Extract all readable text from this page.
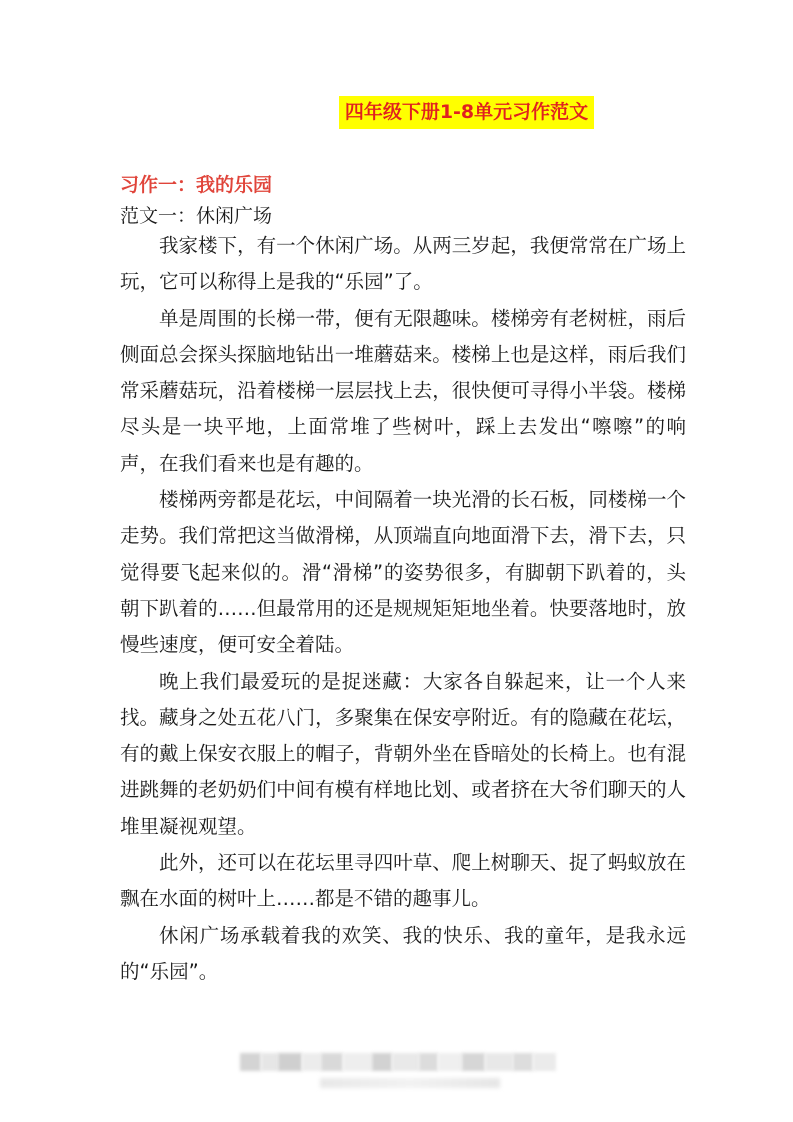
四年级下册1-8单元习作范文
习作一：我的乐园
范文一：休闲广场

我家楼下，有一个休闲广场。从两三岁起，我便常常在广场上玩，它可以称得上是我的“乐园”了。

单是周围的长梯一带，便有无限趣味。楼梯旁有老树桩，雨后侧面总会探头探脑地钻出一堆蘑菇来。楼梯上也是这样，雨后我们常采蘑菇玩，沿着楼梯一层层找上去，很快便可寻得小半袋。楼梯尽头是一块平地，上面常堆了些树叶，踩上去发出“嚓嚓”的响声，在我们看来也是有趣的。

楼梯两旁都是花坛，中间隔着一块光滑的长石板，同楼梯一个走势。我们常把这当做滑梯，从顶端直向地面滑下去，滑下去，只觉得要飞起来似的。滑“滑梯”的姿势很多，有脚朝下趴着的，头朝下趴着的……但最常用的还是规规矩矩地坐着。快要落地时，放慢些速度，便可安全着陆。

晚上我们最爱玩的是捉迷藏：大家各自躲起来，让一个人来找。藏身之处五花八门，多聚集在保安亭附近。有的隐藏在花坛，有的戴上保安衣服上的帽子，背朝外坐在昏暗处的长椅上。也有混进跳舞的老奶奶们中间有模有样地比划、或者挤在大爷们聊天的人堆里凝视观望。

此外，还可以在花坛里寻四叶草、爬上树聊天、捉了蚂蚁放在飘在水面的树叶上……都是不错的趣事儿。

休闲广场承载着我的欢笑、我的快乐、我的童年，是我永远的“乐园”。
